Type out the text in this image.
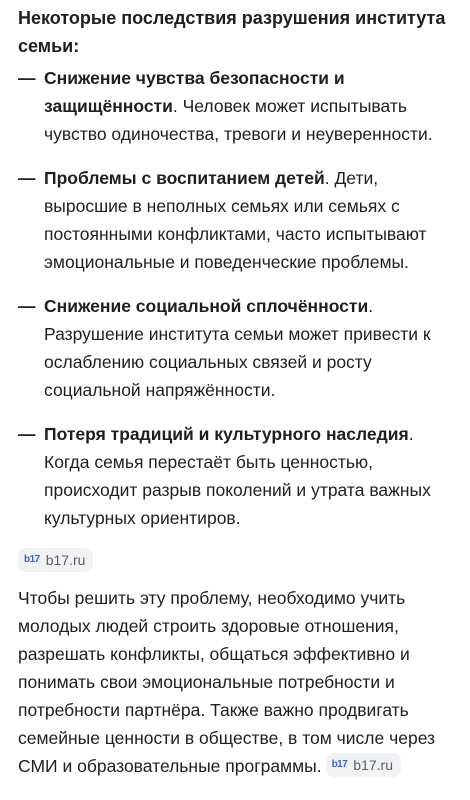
Некоторые последствия разрушения института семьи:
— Снижение чувства безопасности и защищённости. Человек может испытывать чувство одиночества, тревоги и неуверенности.
— Проблемы с воспитанием детей. Дети, выросшие в неполных семьях или семьях с постоянными конфликтами, часто испытывают эмоциональные и поведенческие проблемы.
— Снижение социальной сплочённости. Разрушение института семьи может привести к ослаблению социальных связей и росту социальной напряжённости.
— Потеря традиций и культурного наследия. Когда семья перестаёт быть ценностью, происходит разрыв поколений и утрата важных культурных ориентиров.
b17 b17.ru
Чтобы решить эту проблему, необходимо учить молодых людей строить здоровые отношения, разрешать конфликты, общаться эффективно и понимать свои эмоциональные потребности и потребности партнёра. Также важно продвигать семейные ценности в обществе, в том числе через СМИ и образовательные программы. b17 b17.ru
